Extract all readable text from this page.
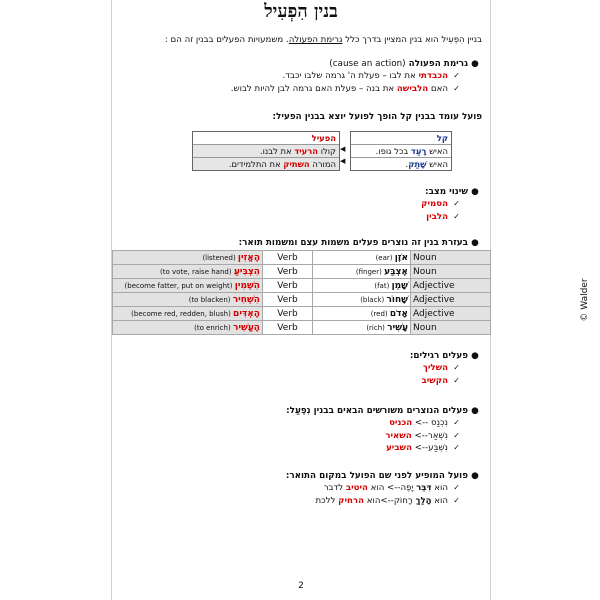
בנין הִפְעִיל
בניין הִפְעִיל הוא בנין המציין בדרך כלל גרימת הפעולה. משמעויות הפעלים בבנין זה הם :
●גרימת הפעולה (cause an action)
✓הכבדתי את לבו – פעלת ה' גרמה שלבו יכבד.
✓האם הלבישה את בנה – פעלת האם גרמה לבן להיות לבוש.
פועל עומד בבנין קל הופך לפועל יוצא בבנין הפעיל:
הפעיל
קולו הרעיד את לבנו.
המורה השתיק את התלמידים.
◀
◀
קל
האיש רָעַד בכל גופו.
האיש שָׁתַק.
●שינוי מצב:
✓הסמיק
✓הלבין
●בעזרת בנין זה נוצרים פעלים משמות עצם ומשמות תואר:
הֶאֱזִין (listened)	Verb	אֹזֶן (ear)	Noun
הִצְבִּיעַ (to vote, raise hand)	Verb	אֶצְבַּע (finger)	Noun
הִשְׁמִין (become fatter, put on weight)	Verb	שָׁמֵן (fat)	Adjective
הִשְׁחִיר (to blacken)	Verb	שָׁחוֹר (black)	Adjective
הֶאְדִּים (become red, redden, blush)	Verb	אָדֹם (red)	Adjective
הֶעֱשִׁיר (to enrich)	Verb	עָשִׁיר (rich)	Noun
●פעלים רגילים:
✓השליך
✓הקשיב
●פעלים הנוצרים משורשים הבאים בבנין נִפְעַל:
✓נִכְנַס --> הכניס
✓נִשְׁאַר--> השאיר
✓נִשְׁבַּע--> השביע
●פועל המופיע לפני שם הפועל במקום התואר:
✓הוא דִּבֵּר יָפֶה--> הוא היטיב לדבר
✓הוא הָלַךְ רָחוֹק-->הוא הרחיק ללכת
2
© Walder
